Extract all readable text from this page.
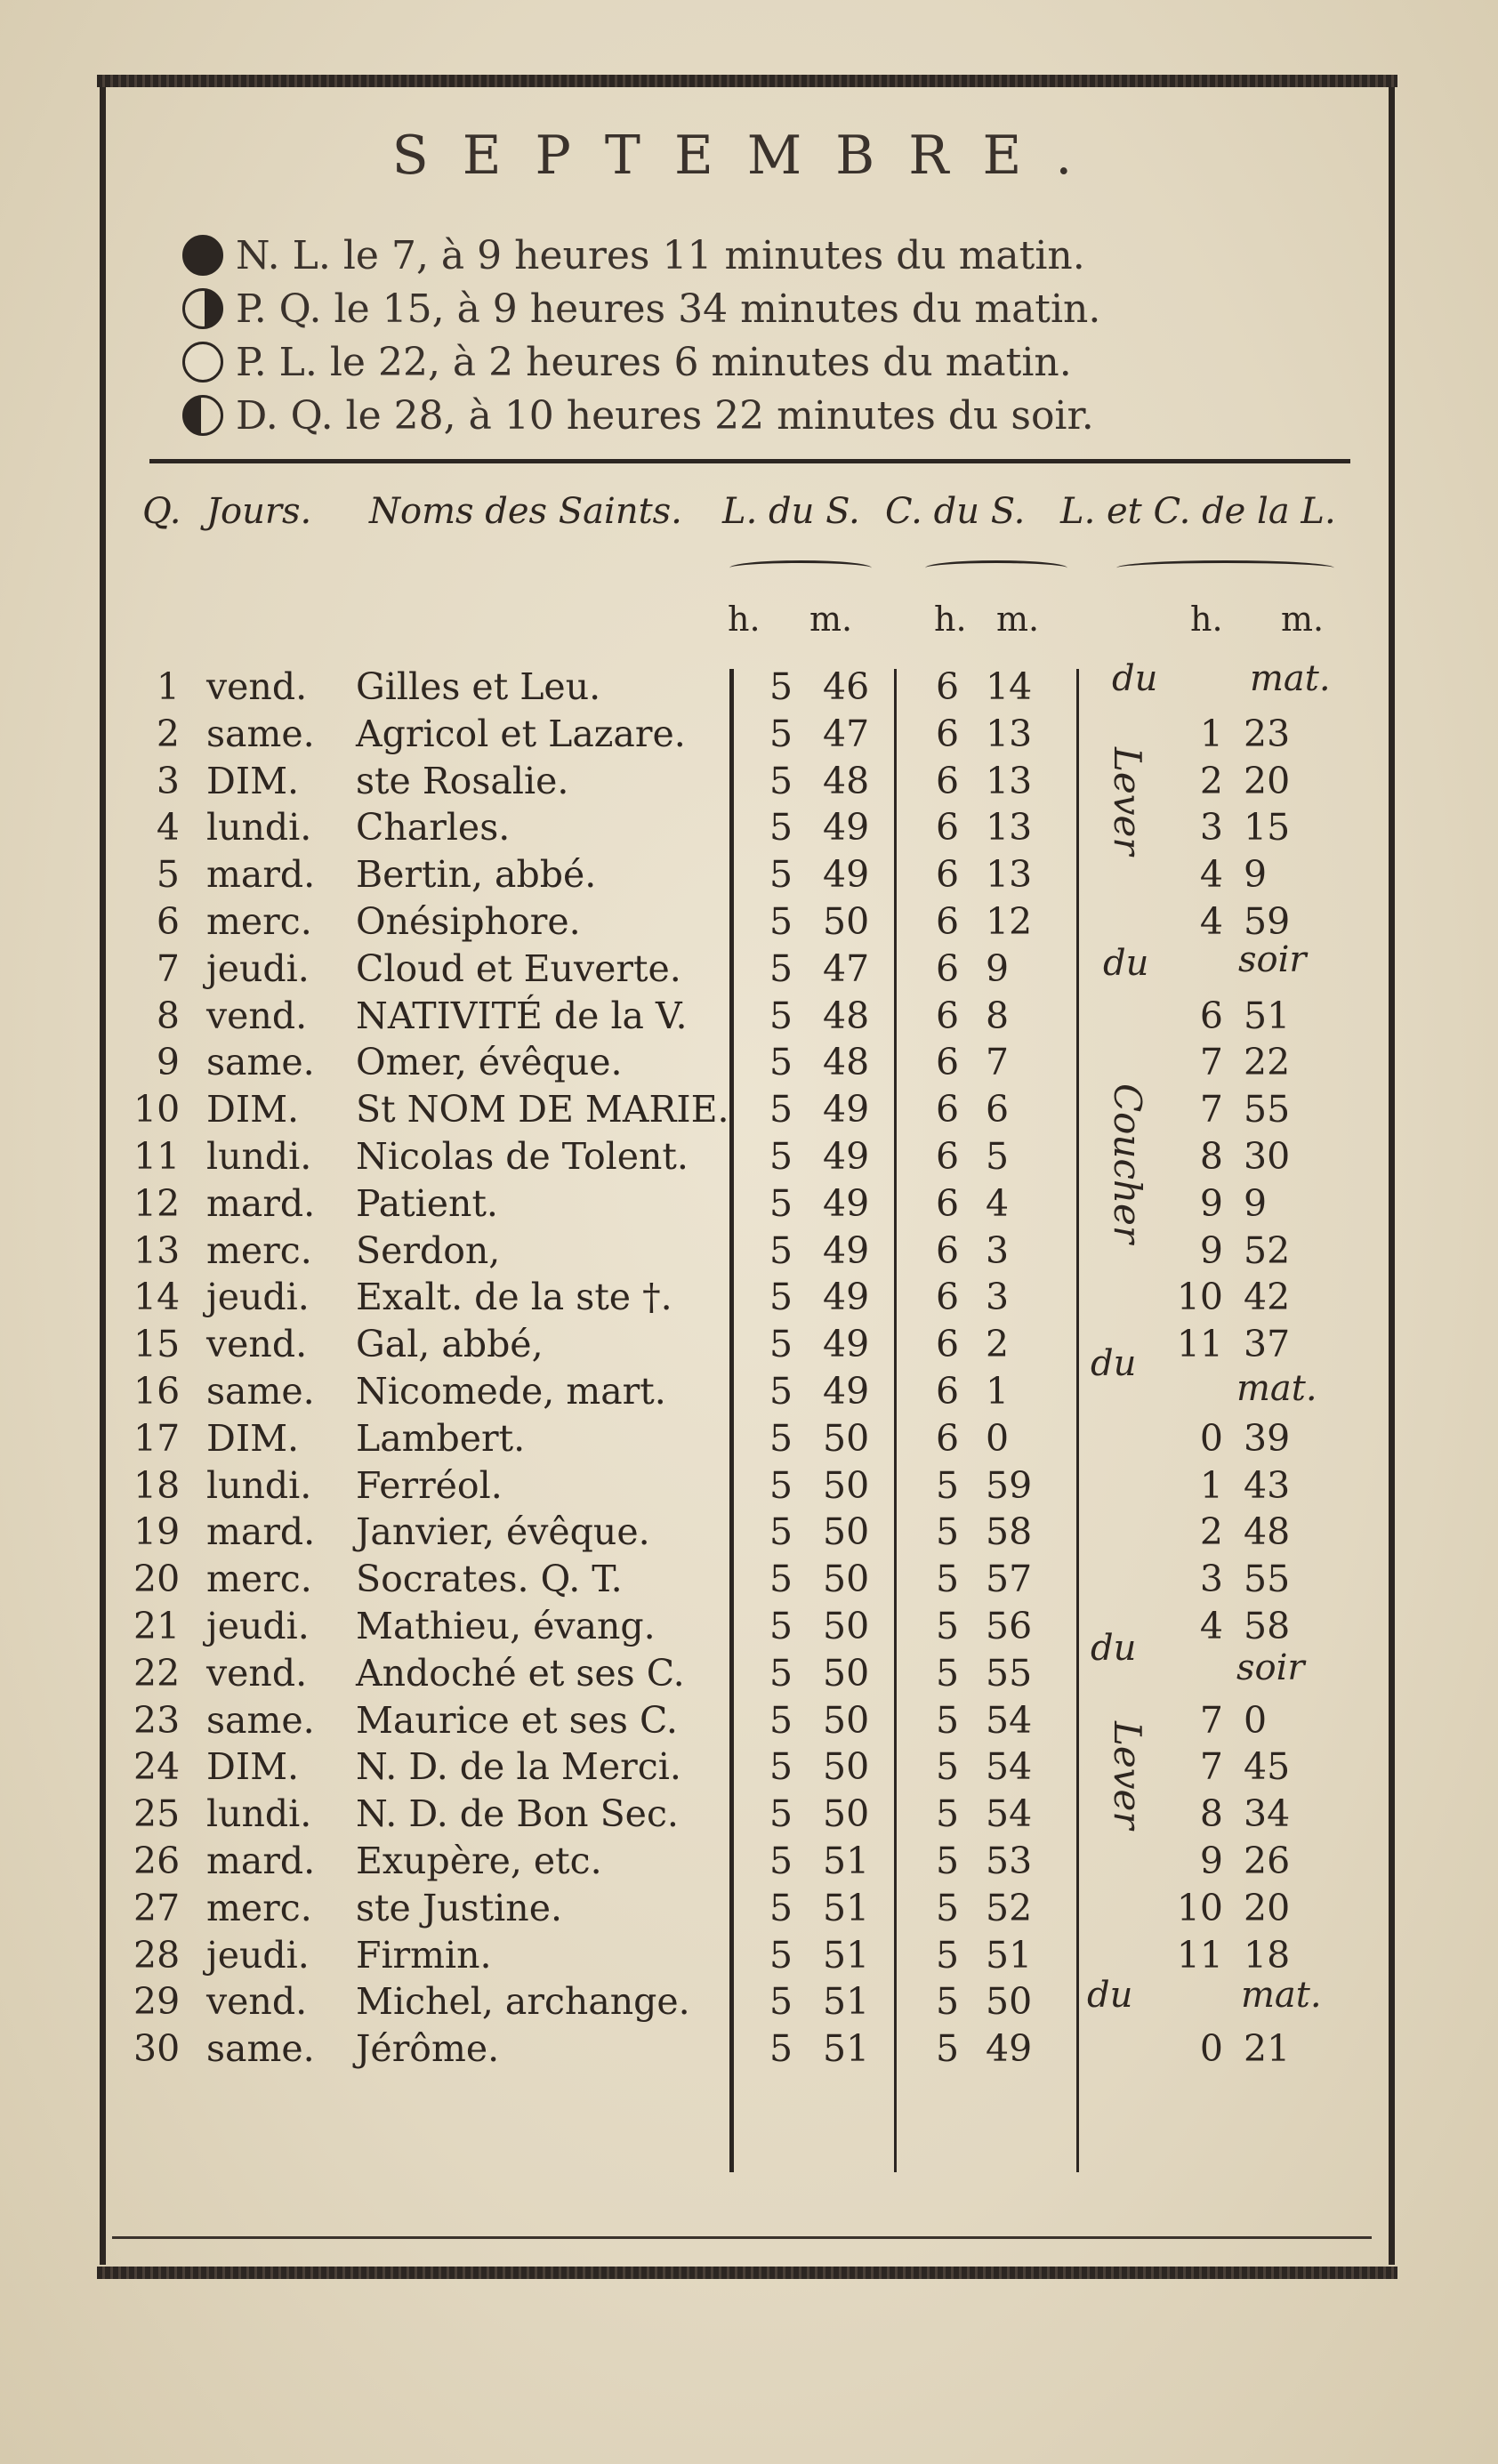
SEPTEMBRE.
N. L. le 7, à 9 heures 11 minutes du matin.
P. Q. le 15, à 9 heures 34 minutes du matin.
P. L. le 22, à 2 heures 6 minutes du matin.
D. Q. le 28, à 10 heures 22 minutes du soir.
Q. Jours. Noms des Saints. L. du S. C. du S. L. et C. de la L.
h. m. h. m.	h. m.
du	mat.
Lever
du	soir
Coucher
du
mat.
du	soir
Lever
du	mat.
1 vend. Gilles et Leu.	5 46 6 14
2 same. Agricol et Lazare. 5 47 6 13	1 23
3 DIM. ste Rosalie.	5 48 6 13	2 20
4 lundi. Charles.	5 49 6 13	3 15
5 mard. Bertin, abbé.	5 49 6 13	4 9
6 merc. Onésiphore.	5 50 6 12	4 59
7 jeudi. Cloud et Euverte. 5 47 6 9
8 vend. NATIVITÉ de la V. 5 48 6 8	6 51
9 same. Omer, évêque.	5 48 6 7	7 22
10 DIM. St NOM DE MARIE. 5 49 6 6	7 55
11 lundi. Nicolas de Tolent. 5 49 6 5	8 30
12 mard. Patient.	5 49 6 4	9 9
13 merc. Serdon,	5 49 6 3	9 52
14 jeudi. Exalt. de la ste †.	5 49 6 3	10 42
15 vend. Gal, abbé,	5 49 6 2	11 37
16 same. Nicomede, mart.	5 49 6 1
17 DIM. Lambert.	5 50 6 0	0 39
18 lundi. Ferréol.	5 50 5 59	1 43
19 mard. Janvier, évêque.	5 50 5 58	2 48
20 merc. Socrates. Q. T.	5 50 5 57	3 55
21 jeudi. Mathieu, évang.	5 50 5 56	4 58
22 vend. Andoché et ses C. 5 50 5 55
23 same. Maurice et ses C.	5 50 5 54	7 0
24 DIM. N. D. de la Merci. 5 50 5 54	7 45
25 lundi. N. D. de Bon Sec. 5 50 5 54	8 34
26 mard. Exupère, etc.	5 51 5 53	9 26
27 merc. ste Justine.	5 51 5 52	10 20
28 jeudi. Firmin.	5 51 5 51	11 18
29 vend. Michel, archange. 5 51 5 50
30 same. Jérôme.	5 51 5 49	0 21
